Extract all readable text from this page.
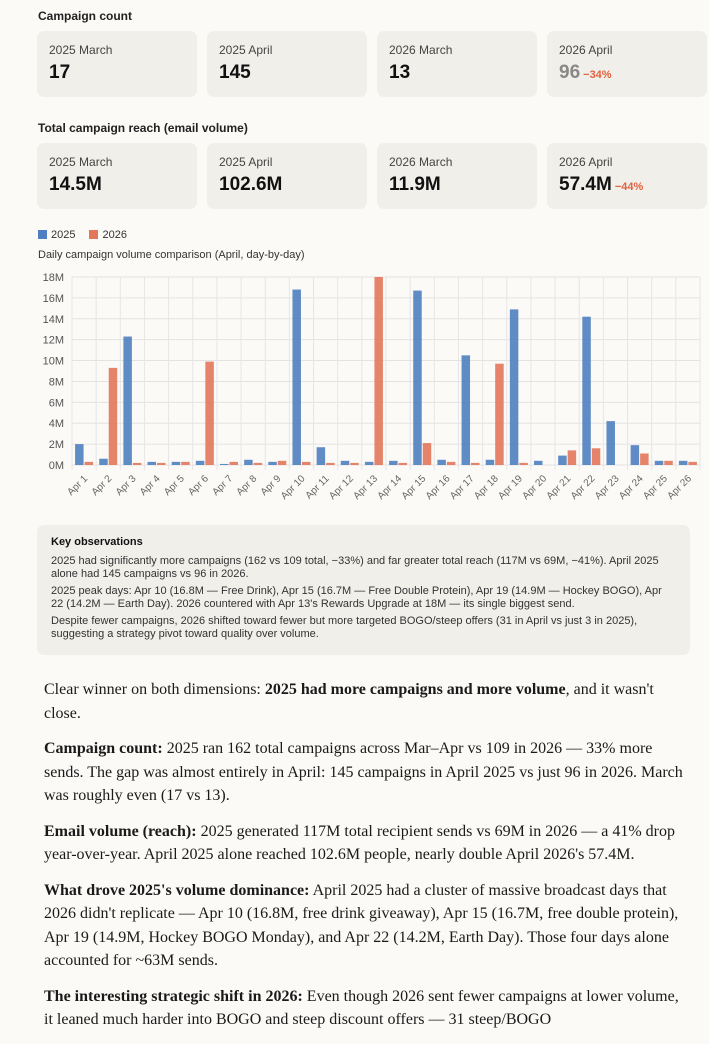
Campaign count
2025 March
17
2025 April
145
2026 March
13
2026 April
96 −34%
Total campaign reach (email volume)
2025 March
14.5M
2025 April
102.6M
2026 March
11.9M
2026 April
57.4M −44%
2025	2026
Daily campaign volume comparison (April, day-by-day)
0M
2M
4M
6M
8M
10M
12M
14M
16M
18M
Apr 1 Apr 2 Apr 3 Apr 4 Apr 5 Apr 6 Apr 7 Apr 8 Apr 9
Apr 10
Apr 11
Apr 12
Apr 13
Apr 14
Apr 15
Apr 16
Apr 17
Apr 18
Apr 19
Apr 20
Apr 21
Apr 22
Apr 23
Apr 24
Apr 25
Apr 26
Key observations

2025 had significantly more campaigns (162 vs 109 total, −33%) and far greater total reach (117M vs 69M, −41%). April 2025 alone had 145 campaigns vs 96 in 2026.

2025 peak days: Apr 10 (16.8M — Free Drink), Apr 15 (16.7M — Free Double Protein), Apr 19 (14.9M — Hockey BOGO), Apr 22 (14.2M — Earth Day). 2026 countered with Apr 13's Rewards Upgrade at 18M — its single biggest send.

Despite fewer campaigns, 2026 shifted toward fewer but more targeted BOGO/steep offers (31 in April vs just 3 in 2025), suggesting a strategy pivot toward quality over volume.

Clear winner on both dimensions: 2025 had more campaigns and more volume, and it wasn't close.

Campaign count: 2025 ran 162 total campaigns across Mar–Apr vs 109 in 2026 — 33% more sends. The gap was almost entirely in April: 145 campaigns in April 2025 vs just 96 in 2026. March was roughly even (17 vs 13).

Email volume (reach): 2025 generated 117M total recipient sends vs 69M in 2026 — a 41% drop year-over-year. April 2025 alone reached 102.6M people, nearly double April 2026's 57.4M.

What drove 2025's volume dominance: April 2025 had a cluster of massive broadcast days that 2026 didn't replicate — Apr 10 (16.8M, free drink giveaway), Apr 15 (16.7M, free double protein), Apr 19 (14.9M, Hockey BOGO Monday), and Apr 22 (14.2M, Earth Day). Those four days alone accounted for ~63M sends.

The interesting strategic shift in 2026: Even though 2026 sent fewer campaigns at lower volume, it leaned much harder into BOGO and steep discount offers — 31 steep/BOGO
